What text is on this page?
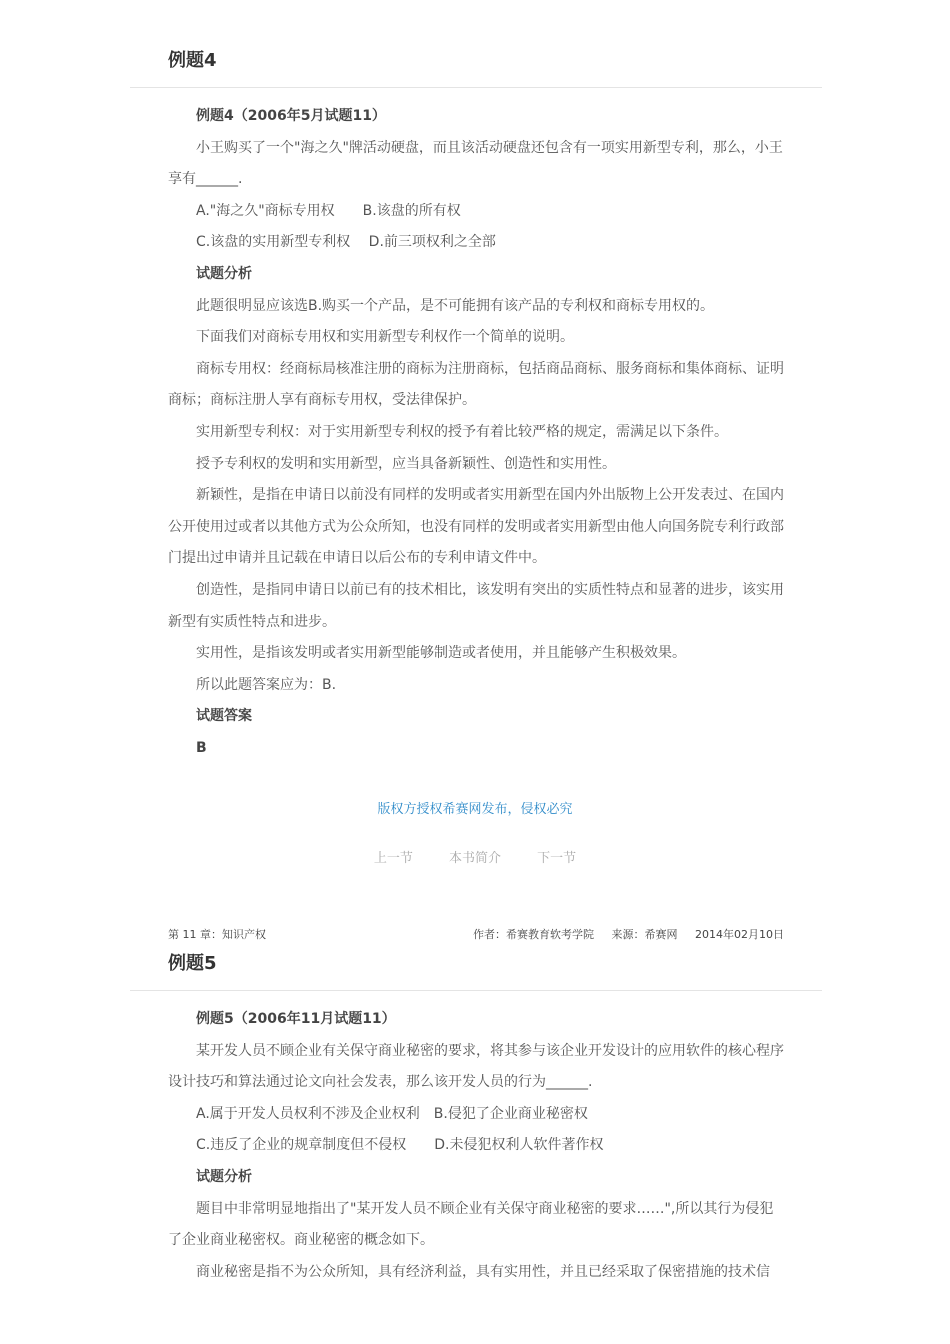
例题4

例题4（2006年5月试题11）

小王购买了一个"海之久"牌活动硬盘，而且该活动硬盘还包含有一项实用新型专利，那么，小王享有______.

A."海之久"商标专用权　　B.该盘的所有权

C.该盘的实用新型专利权　 D.前三项权利之全部

试题分析

此题很明显应该选B.购买一个产品，是不可能拥有该产品的专利权和商标专用权的。

下面我们对商标专用权和实用新型专利权作一个简单的说明。

商标专用权：经商标局核准注册的商标为注册商标，包括商品商标、服务商标和集体商标、证明商标；商标注册人享有商标专用权，受法律保护。

实用新型专利权：对于实用新型专利权的授予有着比较严格的规定，需满足以下条件。

授予专利权的发明和实用新型，应当具备新颖性、创造性和实用性。

新颖性，是指在申请日以前没有同样的发明或者实用新型在国内外出版物上公开发表过、在国内公开使用过或者以其他方式为公众所知，也没有同样的发明或者实用新型由他人向国务院专利行政部门提出过申请并且记载在申请日以后公布的专利申请文件中。

创造性，是指同申请日以前已有的技术相比，该发明有突出的实质性特点和显著的进步，该实用新型有实质性特点和进步。

实用性，是指该发明或者实用新型能够制造或者使用，并且能够产生积极效果。

所以此题答案应为：B.

试题答案

B

版权方授权希赛网发布，侵权必究
上一节	本书简介	下一节
第 11 章：知识产权	作者：希赛教育软考学院 来源：希赛网 2014年02月10日
例题5

例题5（2006年11月试题11）

某开发人员不顾企业有关保守商业秘密的要求，将其参与该企业开发设计的应用软件的核心程序设计技巧和算法通过论文向社会发表，那么该开发人员的行为______.

A.属于开发人员权利不涉及企业权利　B.侵犯了企业商业秘密权

C.违反了企业的规章制度但不侵权　　D.未侵犯权利人软件著作权

试题分析

题目中非常明显地指出了"某开发人员不顾企业有关保守商业秘密的要求……",所以其行为侵犯了企业商业秘密权。商业秘密的概念如下。

商业秘密是指不为公众所知，具有经济利益，具有实用性，并且已经采取了保密措施的技术信
